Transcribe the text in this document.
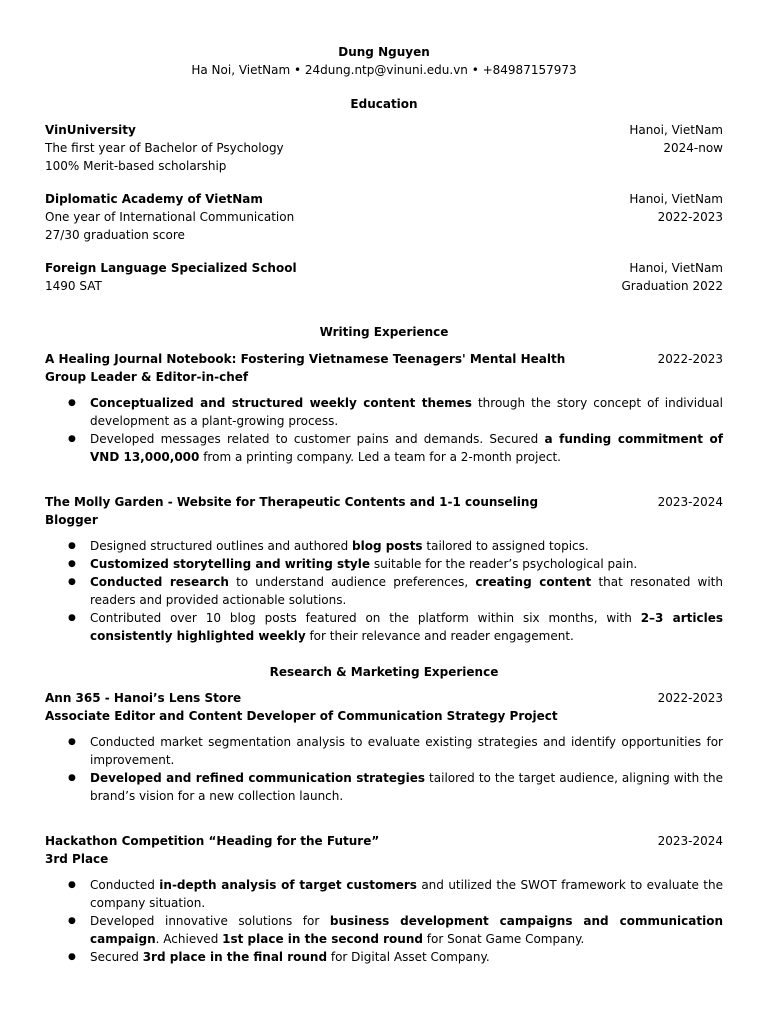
Dung Nguyen
Ha Noi, VietNam • 24dung.ntp@vinuni.edu.vn • +84987157973
Education
VinUniversity	Hanoi, VietNam
The first year of Bachelor of Psychology	2024-now
100% Merit-based scholarship
Diplomatic Academy of VietNam	Hanoi, VietNam
One year of International Communication	2022-2023
27/30 graduation score
Foreign Language Specialized School	Hanoi, VietNam
1490 SAT	Graduation 2022
Writing Experience
A Healing Journal Notebook: Fostering Vietnamese Teenagers' Mental Health	2022-2023
Group Leader & Editor-in-chef
● Conceptualized and structured weekly content themes through the story concept of individual development as a plant-growing process.
● Developed messages related to customer pains and demands. Secured a funding commitment of VND 13,000,000 from a printing company. Led a team for a 2-month project.
The Molly Garden - Website for Therapeutic Contents and 1-1 counseling	2023-2024
Blogger
● Designed structured outlines and authored blog posts tailored to assigned topics.
● Customized storytelling and writing style suitable for the reader’s psychological pain.
● Conducted research to understand audience preferences, creating content that resonated with readers and provided actionable solutions.
● Contributed over 10 blog posts featured on the platform within six months, with 2–3 articles consistently highlighted weekly for their relevance and reader engagement.
Research & Marketing Experience
Ann 365 - Hanoi’s Lens Store	2022-2023
Associate Editor and Content Developer of Communication Strategy Project
● Conducted market segmentation analysis to evaluate existing strategies and identify opportunities for improvement.
● Developed and refined communication strategies tailored to the target audience, aligning with the brand’s vision for a new collection launch.
Hackathon Competition “Heading for the Future”	2023-2024
3rd Place
● Conducted in-depth analysis of target customers and utilized the SWOT framework to evaluate the company situation.
● Developed innovative solutions for business development campaigns and communication campaign. Achieved 1st place in the second round for Sonat Game Company.
● Secured 3rd place in the final round for Digital Asset Company.
